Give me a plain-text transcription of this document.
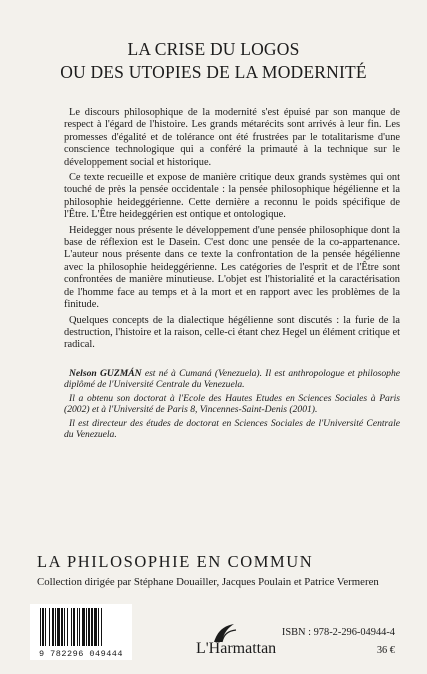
LA CRISE DU LOGOS
OU DES UTOPIES DE LA MODERNITÉ

Le discours philosophique de la modernité s'est épuisé par son manque de respect à l'égard de l'histoire. Les grands métarécits sont arrivés à leur fin. Les promesses d'égalité et de tolérance ont été frustrées par le totalitarisme d'une conscience technologique qui a conféré la primauté à la technique sur le développement social et historique.

Ce texte recueille et expose de manière critique deux grands systèmes qui ont touché de près la pensée occidentale : la pensée philosophique hégélienne et la philosophie heideggérienne. Cette dernière a reconnu le poids spécifique de l'Être. L'Être heideggérien est ontique et ontologique.

Heidegger nous présente le développement d'une pensée philosophique dont la base de réflexion est le Dasein. C'est donc une pensée de la co-appartenance. L'auteur nous présente dans ce texte la confrontation de la pensée hégélienne avec la philosophie heideggérienne. Les catégories de l'esprit et de l'Être sont confrontées de manière minutieuse. L'objet est l'historialité et la caractérisation de l'homme face au temps et à la mort et en rapport avec les problèmes de la finitude.

Quelques concepts de la dialectique hégélienne sont discutés : la furie de la destruction, l'histoire et la raison, celle-ci étant chez Hegel un élément critique et radical.

Nelson GUZMÁN est né à Cumaná (Venezuela). Il est anthropologue et philosophe diplômé de l'Université Centrale du Venezuela.

Il a obtenu son doctorat à l'Ecole des Hautes Etudes en Sciences Sociales à Paris (2002) et à l'Université de Paris 8, Vincennes-Saint-Denis (2001).

Il est directeur des études de doctorat en Sciences Sociales de l'Université Centrale du Venezuela.

LA PHILOSOPHIE EN COMMUN
Collection dirigée par Stéphane Douailler, Jacques Poulain et Patrice Vermeren
9 782296 049444	L'Harmattan
ISBN : 978-2-296-04944-4
36 €
